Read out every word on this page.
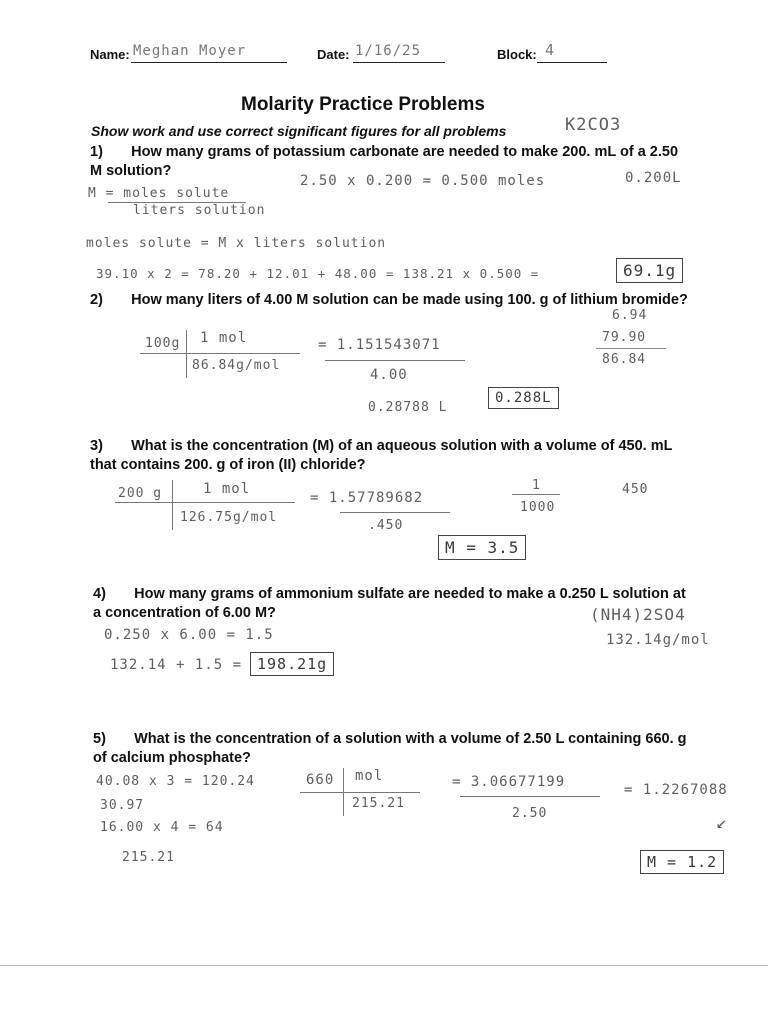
Name: Meghan Moyer	Date: 1/16/25	Block: 4
Molarity Practice Problems
Show work and use correct significant figures for all problems	K2CO3
1) How many grams of potassium carbonate are needed to make 200. mL of a 2.50 M solution?
M = moles solute
liters solution
2.50 x 0.200 = 0.500 moles	0.200L
moles solute = M x liters solution
39.10 x 2 = 78.20 + 12.01 + 48.00 = 138.21 x 0.500 =	69.1g
2) How many liters of 4.00 M solution can be made using 100. g of lithium bromide?
100g 1 mol
86.84g/mol
= 1.151543071
4.00
0.28788 L
0.288L
6.94
79.90
86.84
3) What is the concentration (M) of an aqueous solution with a volume of 450. mL that contains 200. g of iron (II) chloride?
200 g	1 mol
126.75g/mol
= 1.57789682
.450
1
1000
450
M = 3.5
4) How many grams of ammonium sulfate are needed to make a 0.250 L solution at a concentration of 6.00 M?	(NH4)2SO4
132.14g/mol
0.250 x 6.00 = 1.5
132.14 + 1.5 = 198.21g
5) What is the concentration of a solution with a volume of 2.50 L containing 660. g of calcium phosphate?
40.08 x 3 = 120.24
30.97
16.00 x 4 = 64
215.21
660 mol
215.21
= 3.06677199
2.50
= 1.2267088
↙
M = 1.2
